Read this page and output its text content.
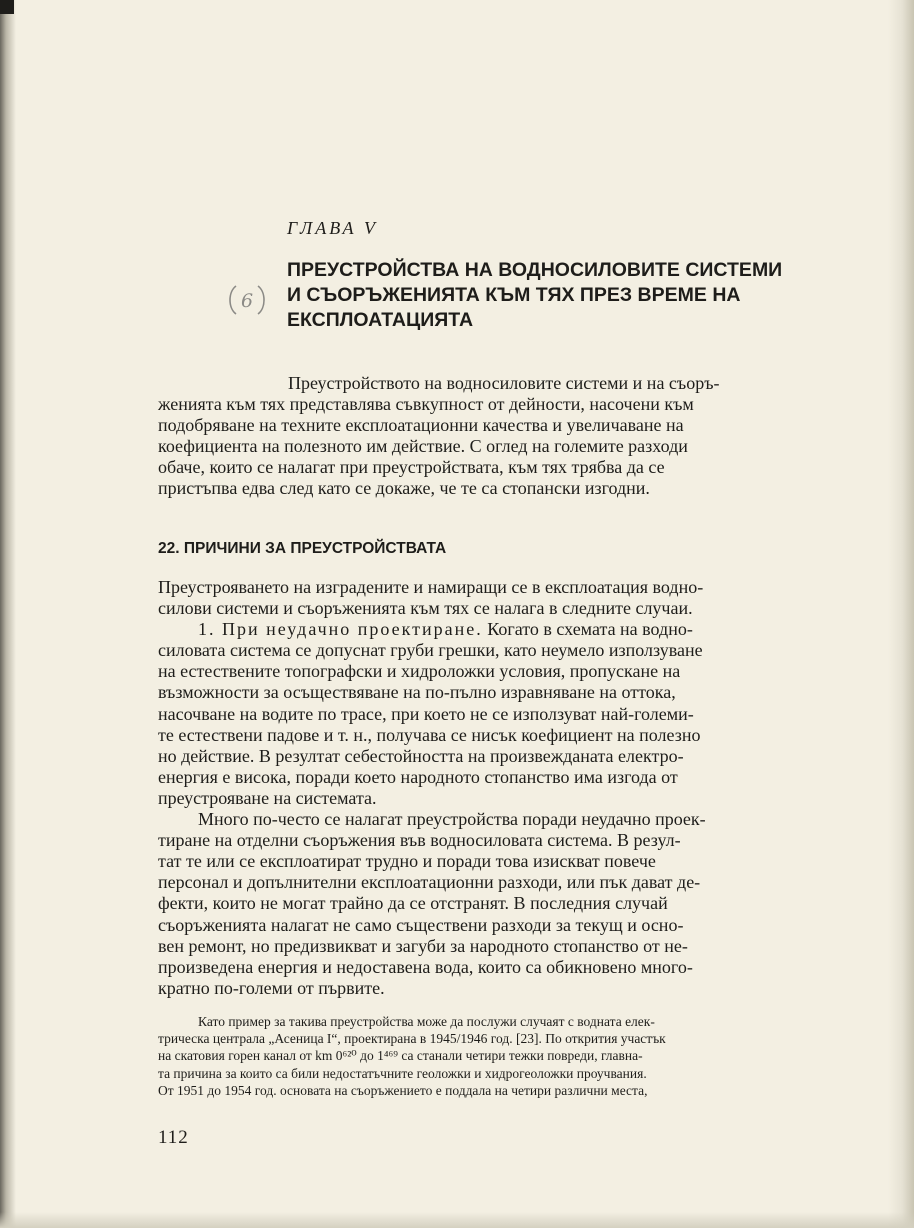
ГЛАВА V
6
ПРЕУСТРОЙСТВА НА ВОДНОСИЛОВИТЕ СИСТЕМИ
И СЪОРЪЖЕНИЯТА КЪМ ТЯХ ПРЕЗ ВРЕМЕ НА
ЕКСПЛОАТАЦИЯТА

Преустройството на водносиловите системи и на съоръ-
женията към тях представлява съвкупност от дейности, насочени към
подобряване на техните експлоатационни качества и увеличаване на
коефициента на полезното им действие. С оглед на големите разходи
обаче, които се налагат при преустройствата, към тях трябва да се
пристъпва едва след като се докаже, че те са стопански изгодни.

22. ПРИЧИНИ ЗА ПРЕУСТРОЙСТВАТА

Преустрояването на изградените и намиращи се в експлоатация водно-
силови системи и съоръженията към тях се налага в следните случаи.
1. При неудачно проектиране. Когато в схемата на водно-
силовата система се допуснат груби грешки, като неумело използуване
на естествените топографски и хидроложки условия, пропускане на
възможности за осъществяване на по-пълно изравняване на оттока,
насочване на водите по трасе, при което не се използуват най-големи-
те естествени падове и т. н., получава се нисък коефициент на полезно
но действие. В резултат себестойността на произвежданата електро-
енергия е висока, поради което народното стопанство има изгода от
преустрояване на системата.
Много по-често се налагат преустройства поради неудачно проек-
тиране на отделни съоръжения във водносиловата система. В резул-
тат те или се експлоатират трудно и поради това изискват повече
персонал и допълнителни експлоатационни разходи, или пък дават де-
фекти, които не могат трайно да се отстранят. В последния случай
съоръженията налагат не само съществени разходи за текущ и осно-
вен ремонт, но предизвикват и загуби за народното стопанство от не-
произведена енергия и недоставена вода, които са обикновено много-
кратно по-големи от първите.

Като пример за такива преустройства може да послужи случаят с водната елек-
трическа централа „Асеница I“, проектирана в 1945/1946 год. [23]. По открития участък
на скатовия горен канал от km 0⁶²⁰ до 1⁴⁶⁹ са станали четири тежки повреди, главна-
та причина за които са били недостатъчните геоложки и хидрогеоложки проучвания.
От 1951 до 1954 год. основата на съоръжението е поддала на четири различни места,

112
